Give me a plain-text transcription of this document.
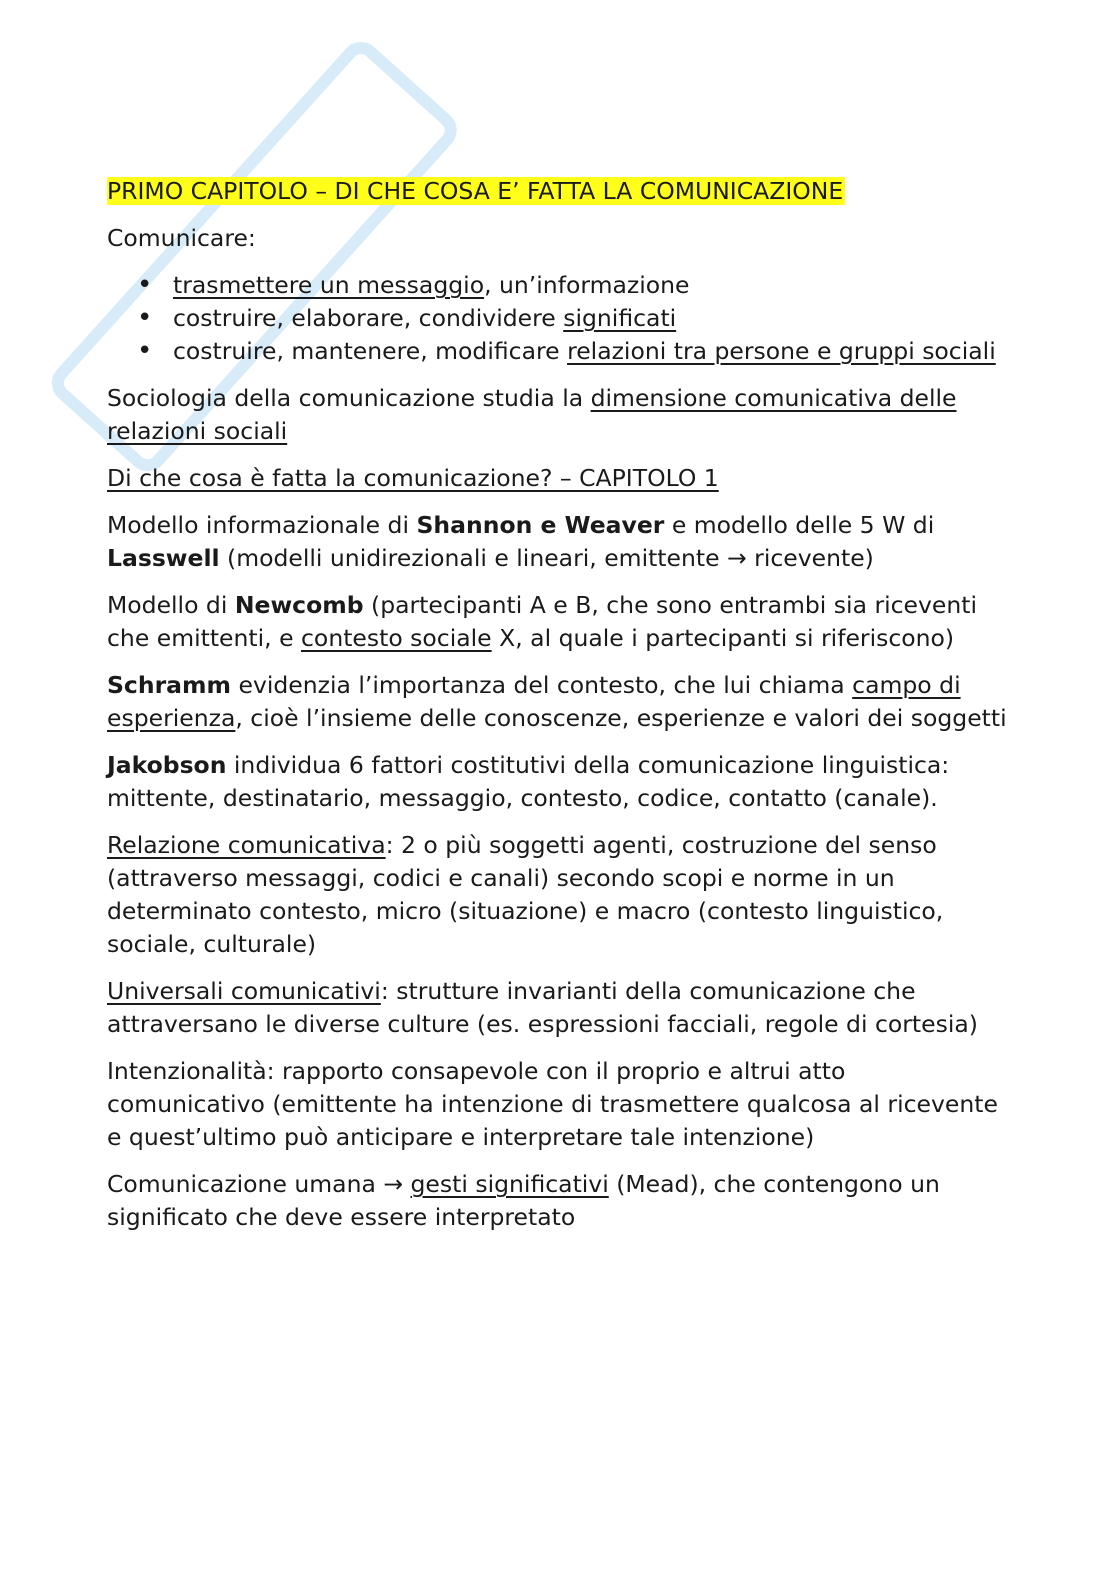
PRIMO CAPITOLO – DI CHE COSA E’ FATTA LA COMUNICAZIONE

Comunicare:

• trasmettere un messaggio, un’informazione
• costruire, elaborare, condividere significati
• costruire, mantenere, modificare relazioni tra persone e gruppi sociali

Sociologia della comunicazione studia la dimensione comunicativa delle relazioni sociali

Di che cosa è fatta la comunicazione? – CAPITOLO 1

Modello informazionale di Shannon e Weaver e modello delle 5 W di Lasswell (modelli unidirezionali e lineari, emittente → ricevente)

Modello di Newcomb (partecipanti A e B, che sono entrambi sia riceventi che emittenti, e contesto sociale X, al quale i partecipanti si riferiscono)

Schramm evidenzia l’importanza del contesto, che lui chiama campo di esperienza, cioè l’insieme delle conoscenze, esperienze e valori dei soggetti

Jakobson individua 6 fattori costitutivi della comunicazione linguistica: mittente, destinatario, messaggio, contesto, codice, contatto (canale).

Relazione comunicativa: 2 o più soggetti agenti, costruzione del senso (attraverso messaggi, codici e canali) secondo scopi e norme in un determinato contesto, micro (situazione) e macro (contesto linguistico, sociale, culturale)

Universali comunicativi: strutture invarianti della comunicazione che attraversano le diverse culture (es. espressioni facciali, regole di cortesia)

Intenzionalità: rapporto consapevole con il proprio e altrui atto comunicativo (emittente ha intenzione di trasmettere qualcosa al ricevente e quest’ultimo può anticipare e interpretare tale intenzione)

Comunicazione umana → gesti significativi (Mead), che contengono un significato che deve essere interpretato
